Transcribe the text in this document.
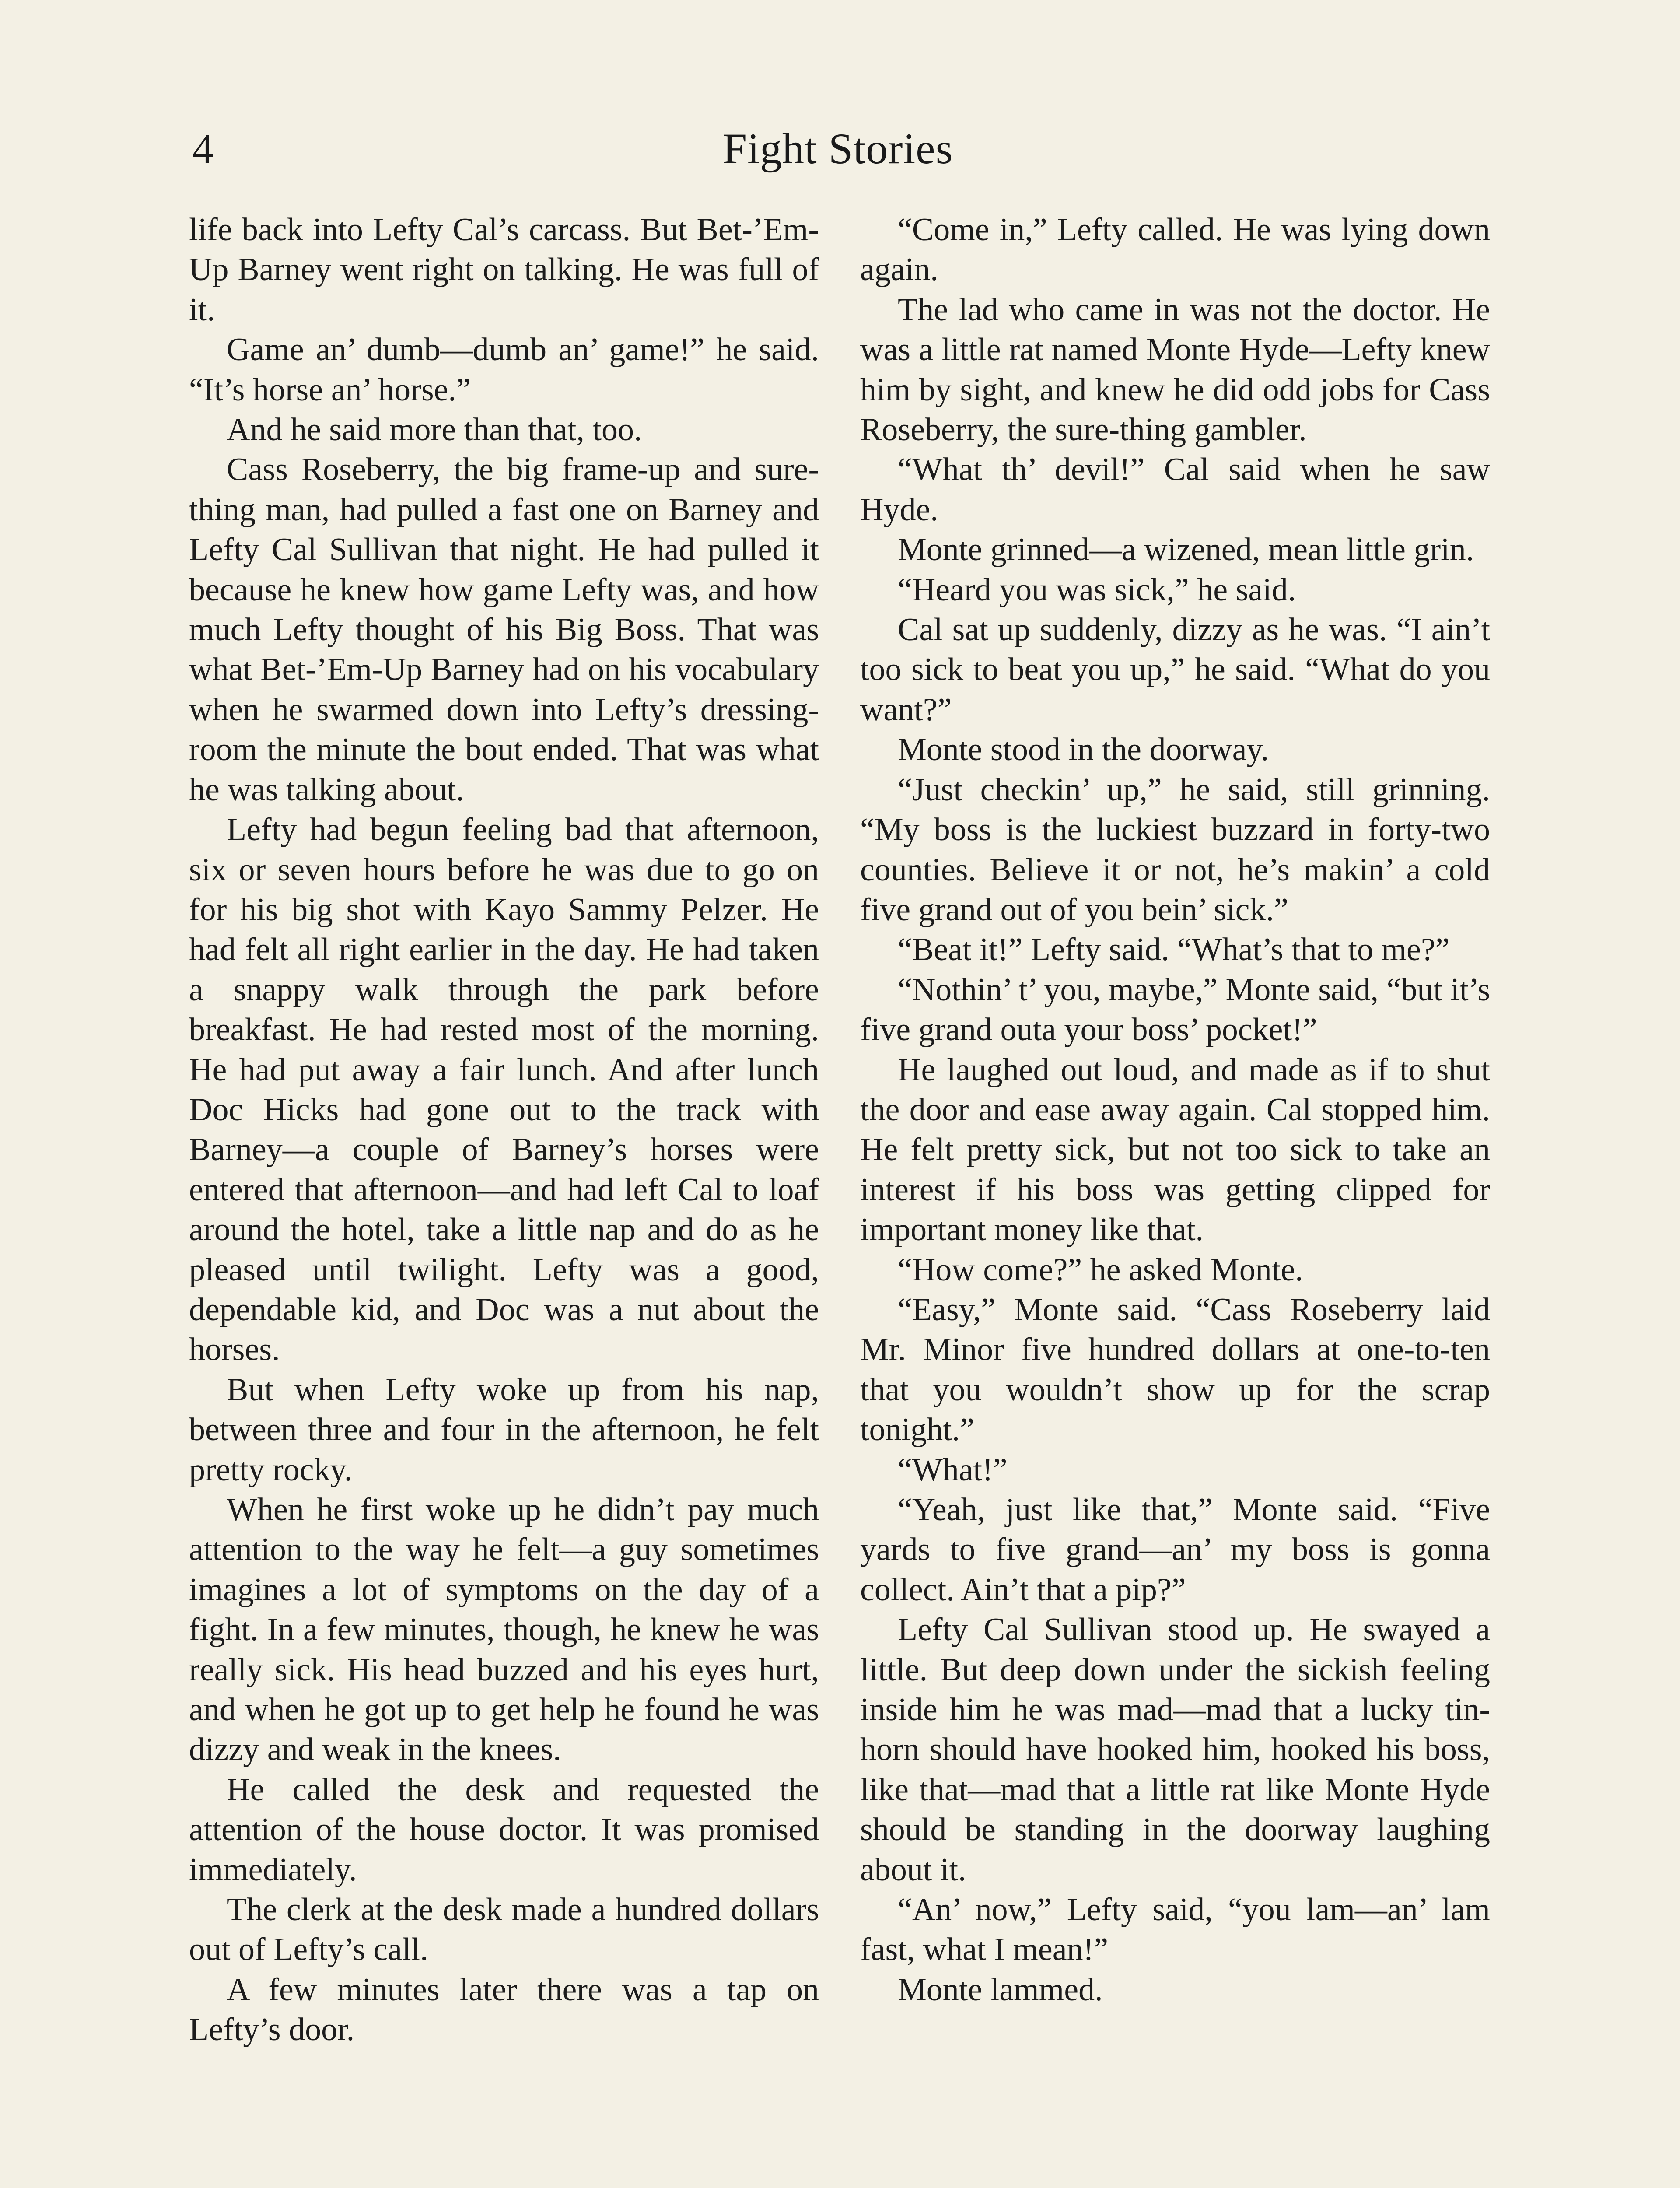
4	Fight Stories

life back into Lefty Cal’s carcass. But Bet-’Em-Up Barney went right on talking. He was full of it.

Game an’ dumb—dumb an’ game!” he said. “It’s horse an’ horse.”

And he said more than that, too.

Cass Roseberry, the big frame-up and sure-thing man, had pulled a fast one on Barney and Lefty Cal Sullivan that night. He had pulled it because he knew how game Lefty was, and how much Lefty thought of his Big Boss. That was what Bet-’Em-Up Barney had on his vocabulary when he swarmed down into Lefty’s dressing-room the minute the bout ended. That was what he was talking about.

Lefty had begun feeling bad that afternoon, six or seven hours before he was due to go on for his big shot with Kayo Sammy Pelzer. He had felt all right earlier in the day. He had taken a snappy walk through the park before breakfast. He had rested most of the morning. He had put away a fair lunch. And after lunch Doc Hicks had gone out to the track with Barney—a couple of Barney’s horses were entered that afternoon—and had left Cal to loaf around the hotel, take a little nap and do as he pleased until twilight. Lefty was a good, dependable kid, and Doc was a nut about the horses.

But when Lefty woke up from his nap, between three and four in the afternoon, he felt pretty rocky.

When he first woke up he didn’t pay much attention to the way he felt—a guy sometimes imagines a lot of symptoms on the day of a fight. In a few minutes, though, he knew he was really sick. His head buzzed and his eyes hurt, and when he got up to get help he found he was dizzy and weak in the knees.

He called the desk and requested the attention of the house doctor. It was promised immediately.

The clerk at the desk made a hundred dollars out of Lefty’s call.

A few minutes later there was a tap on Lefty’s door.

“Come in,” Lefty called. He was lying down again.

The lad who came in was not the doctor. He was a little rat named Monte Hyde—Lefty knew him by sight, and knew he did odd jobs for Cass Roseberry, the sure-thing gambler.

“What th’ devil!” Cal said when he saw Hyde.

Monte grinned—a wizened, mean little grin.

“Heard you was sick,” he said.

Cal sat up suddenly, dizzy as he was. “I ain’t too sick to beat you up,” he said. “What do you want?”

Monte stood in the doorway.

“Just checkin’ up,” he said, still grinning. “My boss is the luckiest buzzard in forty-two counties. Believe it or not, he’s makin’ a cold five grand out of you bein’ sick.”

“Beat it!” Lefty said. “What’s that to me?”

“Nothin’ t’ you, maybe,” Monte said, “but it’s five grand outa your boss’ pocket!”

He laughed out loud, and made as if to shut the door and ease away again. Cal stopped him. He felt pretty sick, but not too sick to take an interest if his boss was getting clipped for important money like that.

“How come?” he asked Monte.

“Easy,” Monte said. “Cass Roseberry laid Mr. Minor five hundred dollars at one-to-ten that you wouldn’t show up for the scrap tonight.”

“What!”

“Yeah, just like that,” Monte said. “Five yards to five grand—an’ my boss is gonna collect. Ain’t that a pip?”

Lefty Cal Sullivan stood up. He swayed a little. But deep down under the sickish feeling inside him he was mad—mad that a lucky tin-horn should have hooked him, hooked his boss, like that—mad that a little rat like Monte Hyde should be standing in the doorway laughing about it.

“An’ now,” Lefty said, “you lam—an’ lam fast, what I mean!”

Monte lammed.
